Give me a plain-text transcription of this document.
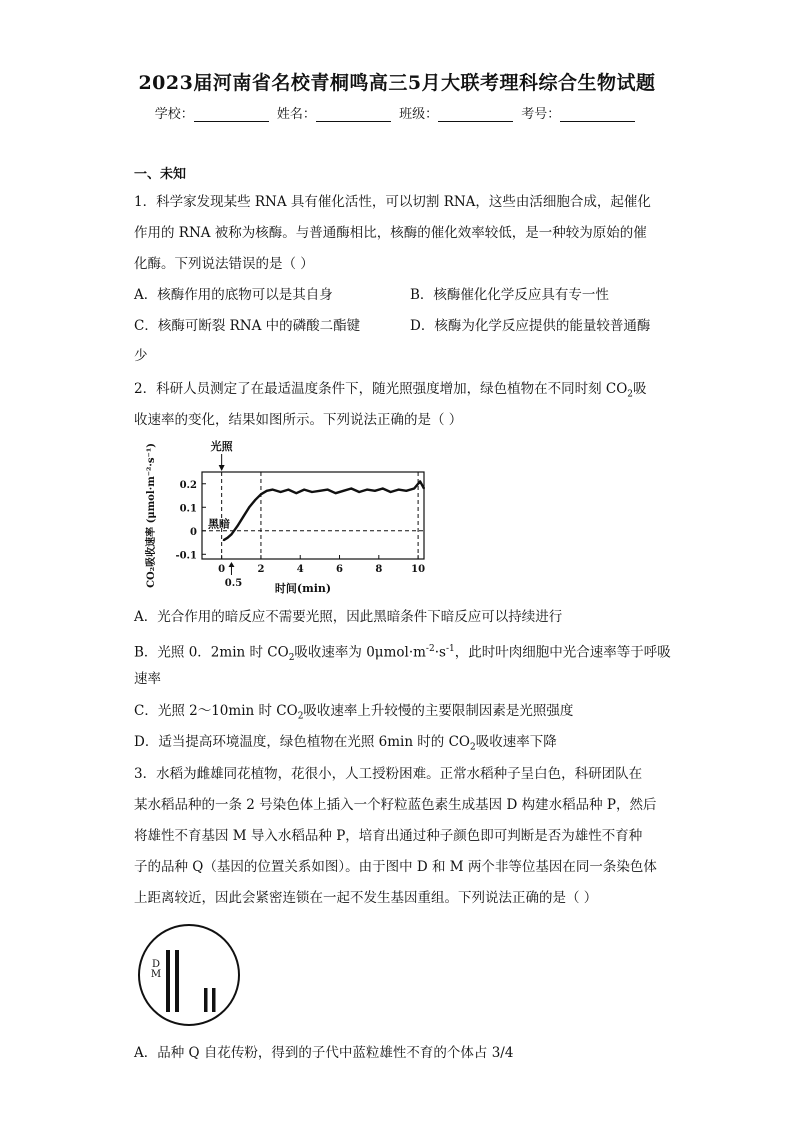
2023届河南省名校青桐鸣高三5月大联考理科综合生物试题
学校：	姓名：	班级：	考号：
一、未知
1．科学家发现某些 RNA 具有催化活性，可以切割 RNA，这些由活细胞合成，起催化
作用的 RNA 被称为核酶。与普通酶相比，核酶的催化效率较低，是一种较为原始的催
化酶。下列说法错误的是（ ）
A．核酶作用的底物可以是其自身	B．核酶催化化学反应具有专一性
C．核酶可断裂 RNA 中的磷酸二酯键	D．核酶为化学反应提供的能量较普通酶
少
2．科研人员测定了在最适温度条件下，随光照强度增加，绿色植物在不同时刻 $CO_2$吸
收速率的变化，结果如图所示。下列说法正确的是（ ）
-0.1
0
0.1
0.2
0	2	4	6	8	10
0.5	时间(min)
CO₂吸收速率 (μmol·m⁻²·s⁻¹)	光照
黑暗
A．光合作用的暗反应不需要光照，因此黑暗条件下暗反应可以持续进行
B．光照 0．2min 时 $CO_2$吸收速率为 $0\mu mol\cdot m^{-2}\cdot s^{-1}$，此时叶肉细胞中光合速率等于呼吸
速率
C．光照 2～10min 时 $CO_2$吸收速率上升较慢的主要限制因素是光照强度
D．适当提高环境温度，绿色植物在光照 6min 时的 $CO_2$吸收速率下降
3．水稻为雌雄同花植物，花很小，人工授粉困难。正常水稻种子呈白色，科研团队在
某水稻品种的一条 2 号染色体上插入一个籽粒蓝色素生成基因 D 构建水稻品种 P，然后
将雄性不育基因 M 导入水稻品种 P，培育出通过种子颜色即可判断是否为雄性不育种
子的品种 Q（基因的位置关系如图）。由于图中 D 和 M 两个非等位基因在同一条染色体
上距离较近，因此会紧密连锁在一起不发生基因重组。下列说法正确的是（ ）
D
M
A．品种 Q 自花传粉，得到的子代中蓝粒雄性不育的个体占 3/4
